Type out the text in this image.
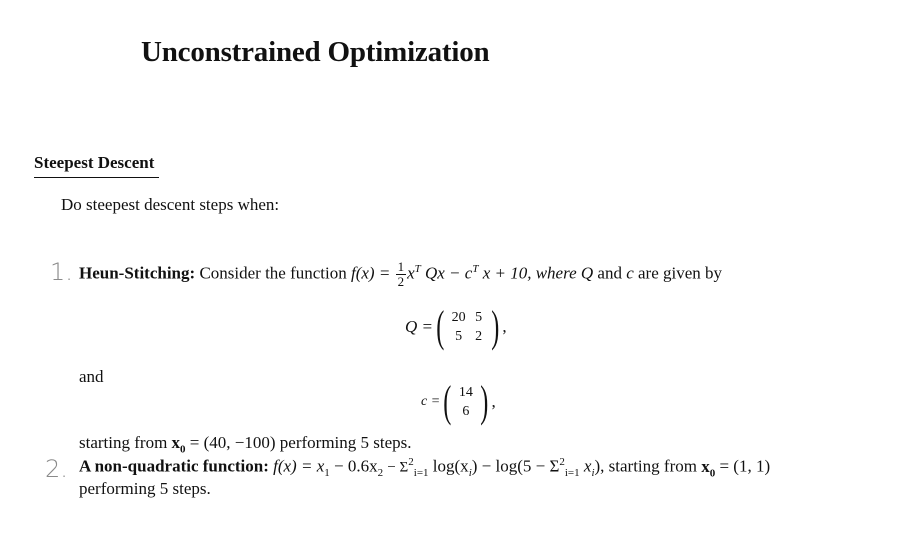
Unconstrained Optimization
Steepest Descent
Do steepest descent steps when:
1.
2.
Heun-Stitching: Consider the function $f(x) = \frac{1}{2} x^T$ $Qx - c^T$ x + 10, where Q and c are given by
Q = ( 20 5
5 2 ) ,
and
c = ( 14
6 ) ,
starting from $x_0 = (40$, −100) performing 5 steps.
A non-quadratic function: $f(x) = x_1 - 0.6x_2 - \Sigma^2_{i=1}$ $\log(x_i) - \log(5 - \Sigma^2_{i=1}$ $x_i$), starting from $x_0 = (1$, 1)
performing 5 steps.
